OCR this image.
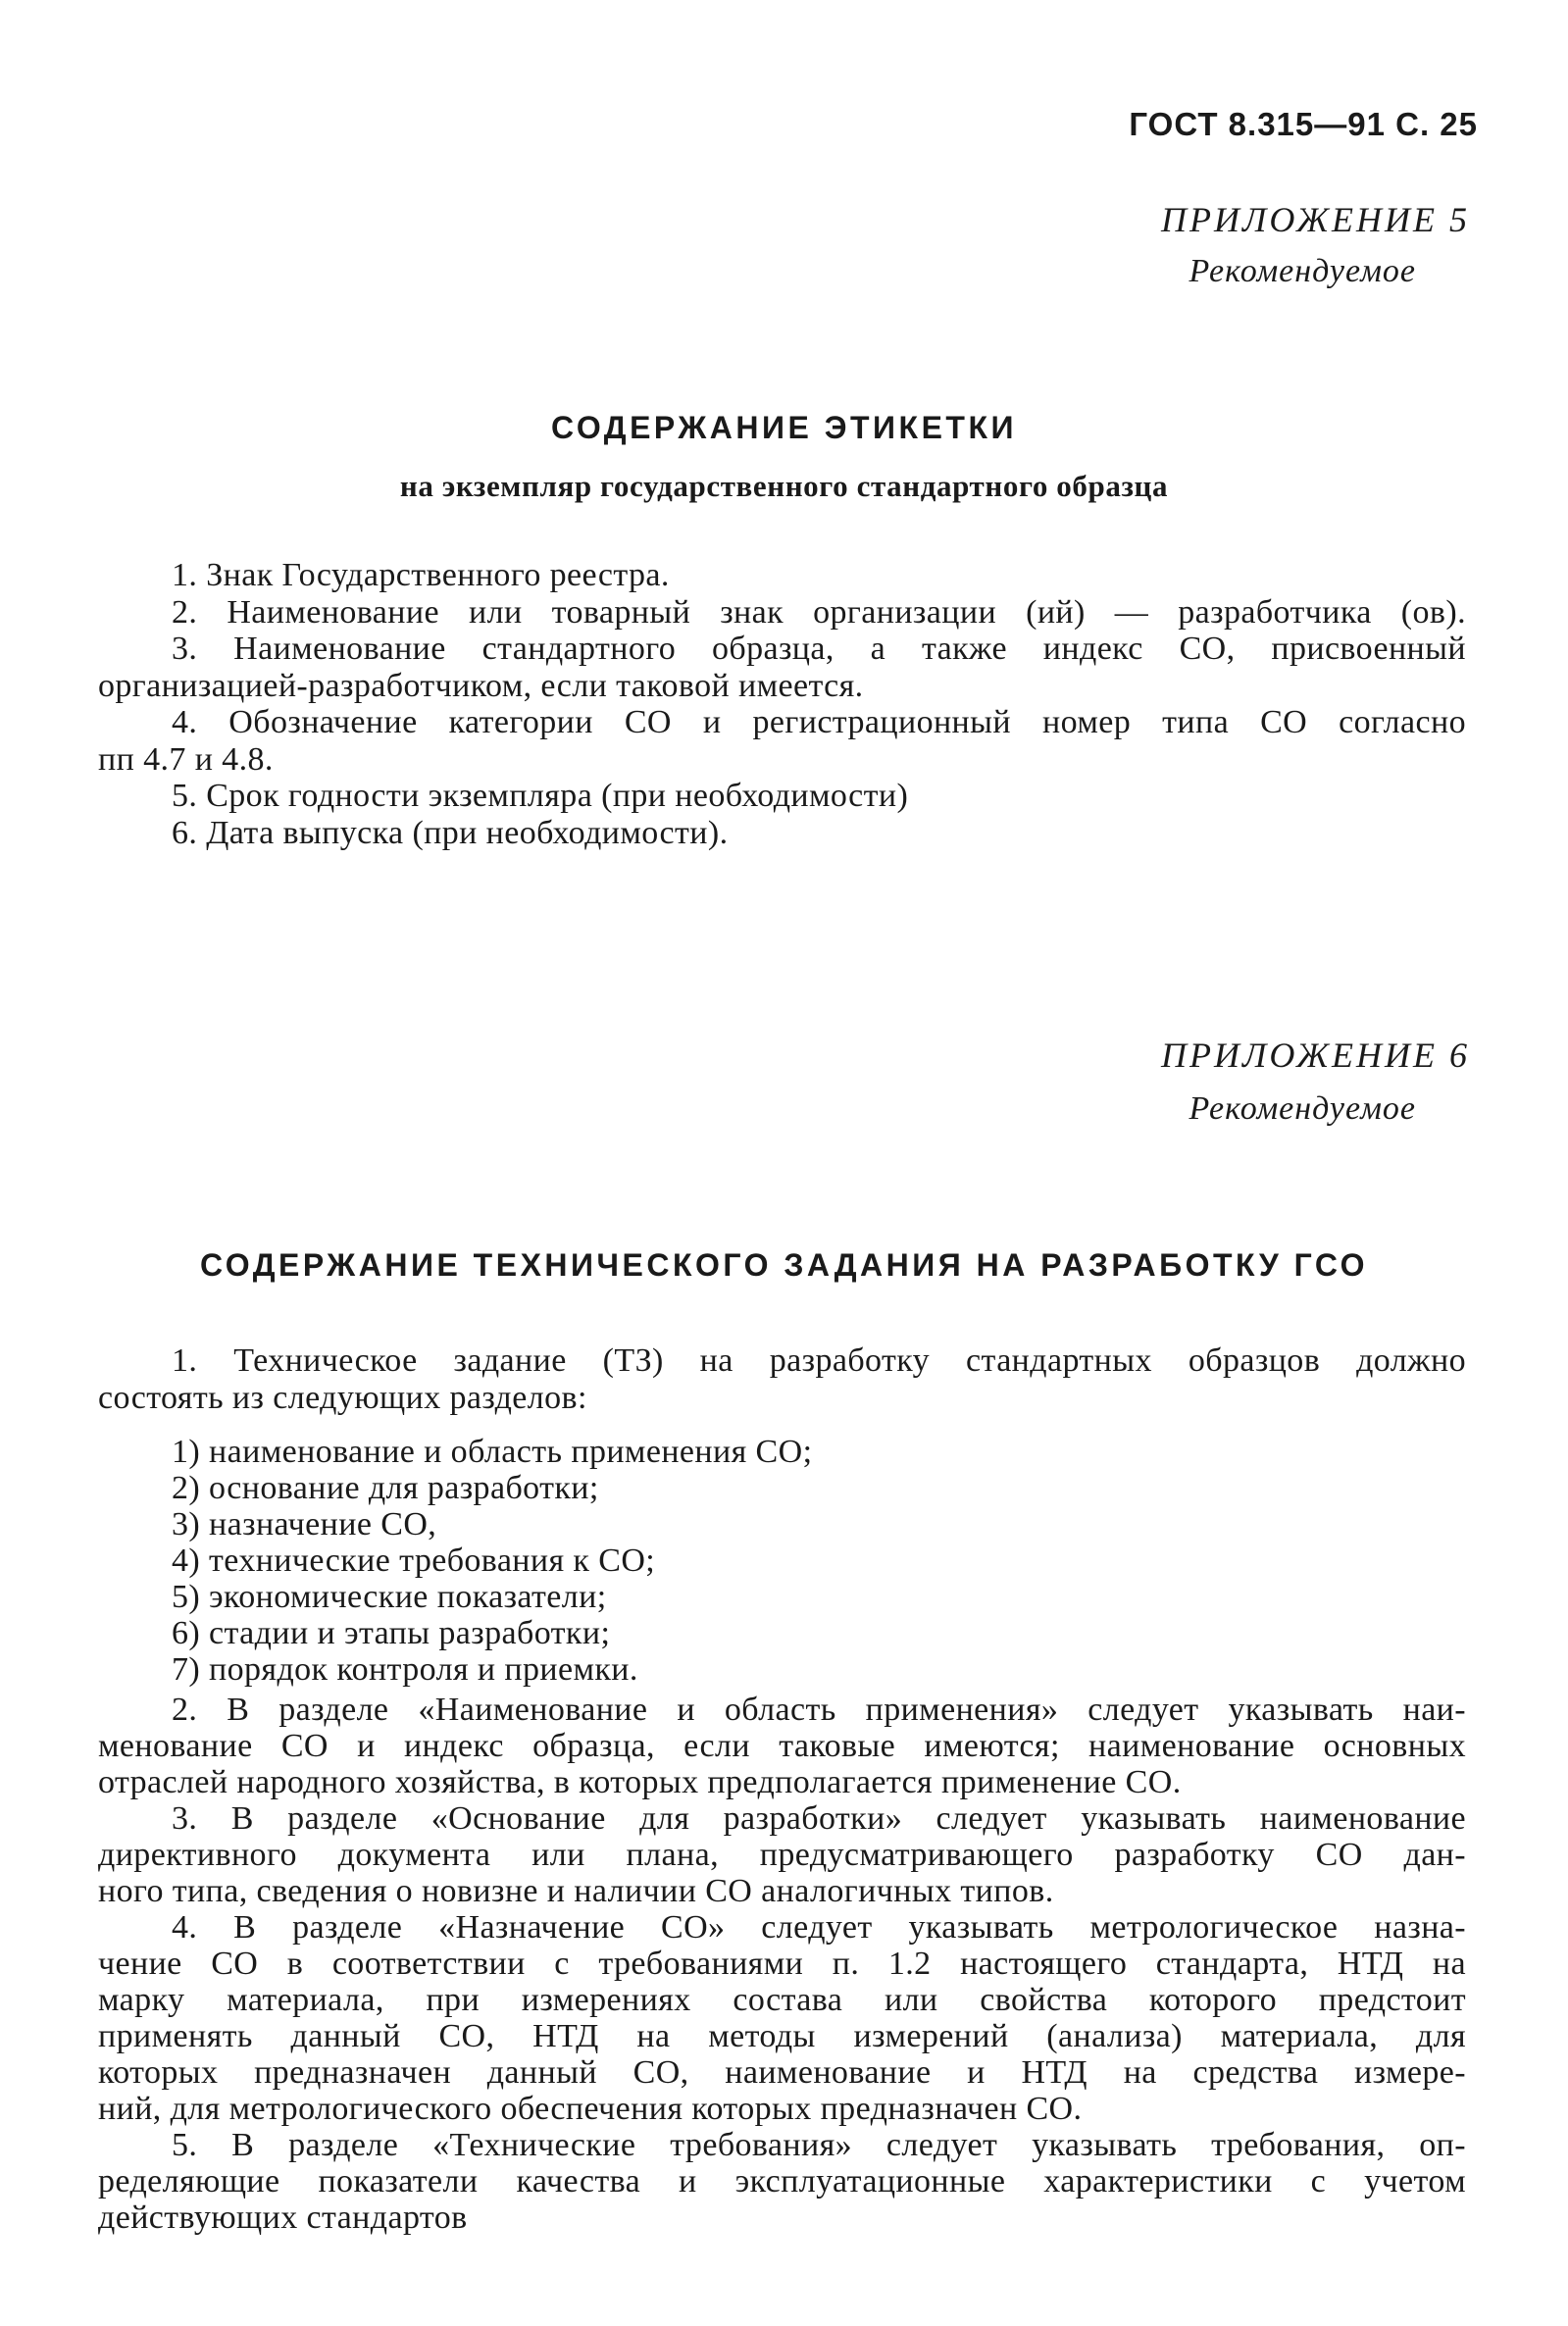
ГОСТ 8.315—91 С. 25

ПРИЛОЖЕНИЕ 5

Рекомендуемое

СОДЕРЖАНИЕ ЭТИКЕТКИ

на экземпляр государственного стандартного образца

1. Знак Государственного реестра.

2. Наименование или товарный знак организации (ий) — разработчика (ов).

3. Наименование стандартного образца, а также индекс СО, присвоенный

организацией-разработчиком, если таковой имеется.

4. Обозначение категории СО и регистрационный номер типа СО согласно

пп 4.7 и 4.8.

5. Срок годности экземпляра (при необходимости)

6. Дата выпуска (при необходимости).

ПРИЛОЖЕНИЕ 6

Рекомендуемое

СОДЕРЖАНИЕ ТЕХНИЧЕСКОГО ЗАДАНИЯ НА РАЗРАБОТКУ ГСО

1. Техническое задание (ТЗ) на разработку стандартных образцов должно

состоять из следующих разделов:

1) наименование и область применения СО;

2) основание для разработки;

3) назначение СО,

4) технические требования к СО;

5) экономические показатели;

6) стадии и этапы разработки;

7) порядок контроля и приемки.

2. В разделе «Наименование и область применения» следует указывать наи-

менование СО и индекс образца, если таковые имеются; наименование основных

отраслей народного хозяйства, в которых предполагается применение СО.

3. В разделе «Основание для разработки» следует указывать наименование

директивного документа или плана, предусматривающего разработку СО дан-

ного типа, сведения о новизне и наличии СО аналогичных типов.

4. В разделе «Назначение СО» следует указывать метрологическое назна-

чение СО в соответствии с требованиями п. 1.2 настоящего стандарта, НТД на

марку материала, при измерениях состава или свойства которого предстоит

применять данный СО, НТД на методы измерений (анализа) материала, для

которых предназначен данный СО, наименование и НТД на средства измере-

ний, для метрологического обеспечения которых предназначен СО.

5. В разделе «Технические требования» следует указывать требования, оп-

ределяющие показатели качества и эксплуатационные характеристики с учетом

действующих стандартов
